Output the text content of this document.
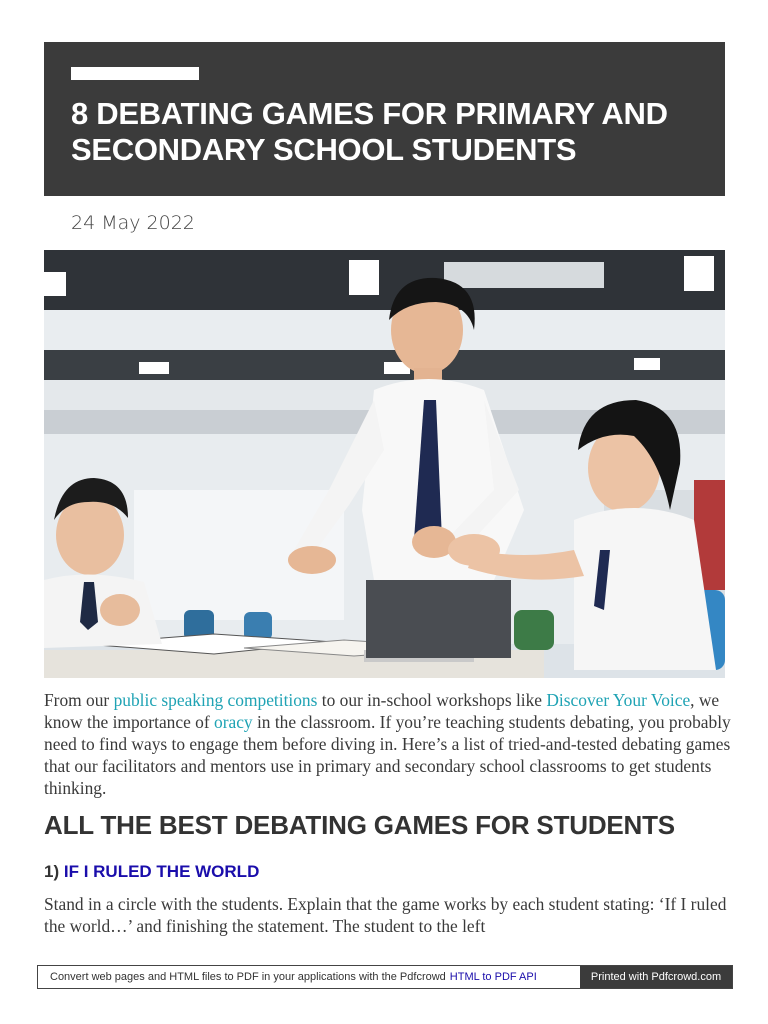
8 DEBATING GAMES FOR PRIMARY AND SECONDARY SCHOOL STUDENTS
24 May 2022

From our public speaking competitions to our in-school workshops like Discover Your Voice, we know the importance of oracy in the classroom. If you’re teaching students debating, you probably need to find ways to engage them before diving in. Here’s a list of tried-and-tested debating games that our facilitators and mentors use in primary and secondary school classrooms to get students thinking.

ALL THE BEST DEBATING GAMES FOR STUDENTS
1) IF I RULED THE WORLD

Stand in a circle with the students. Explain that the game works by each student stating: ‘If I ruled the world…’ and finishing the statement. The student to the left

Convert web pages and HTML files to PDF in your applications with the Pdfcrowd HTML to PDF API	Printed with Pdfcrowd.com
